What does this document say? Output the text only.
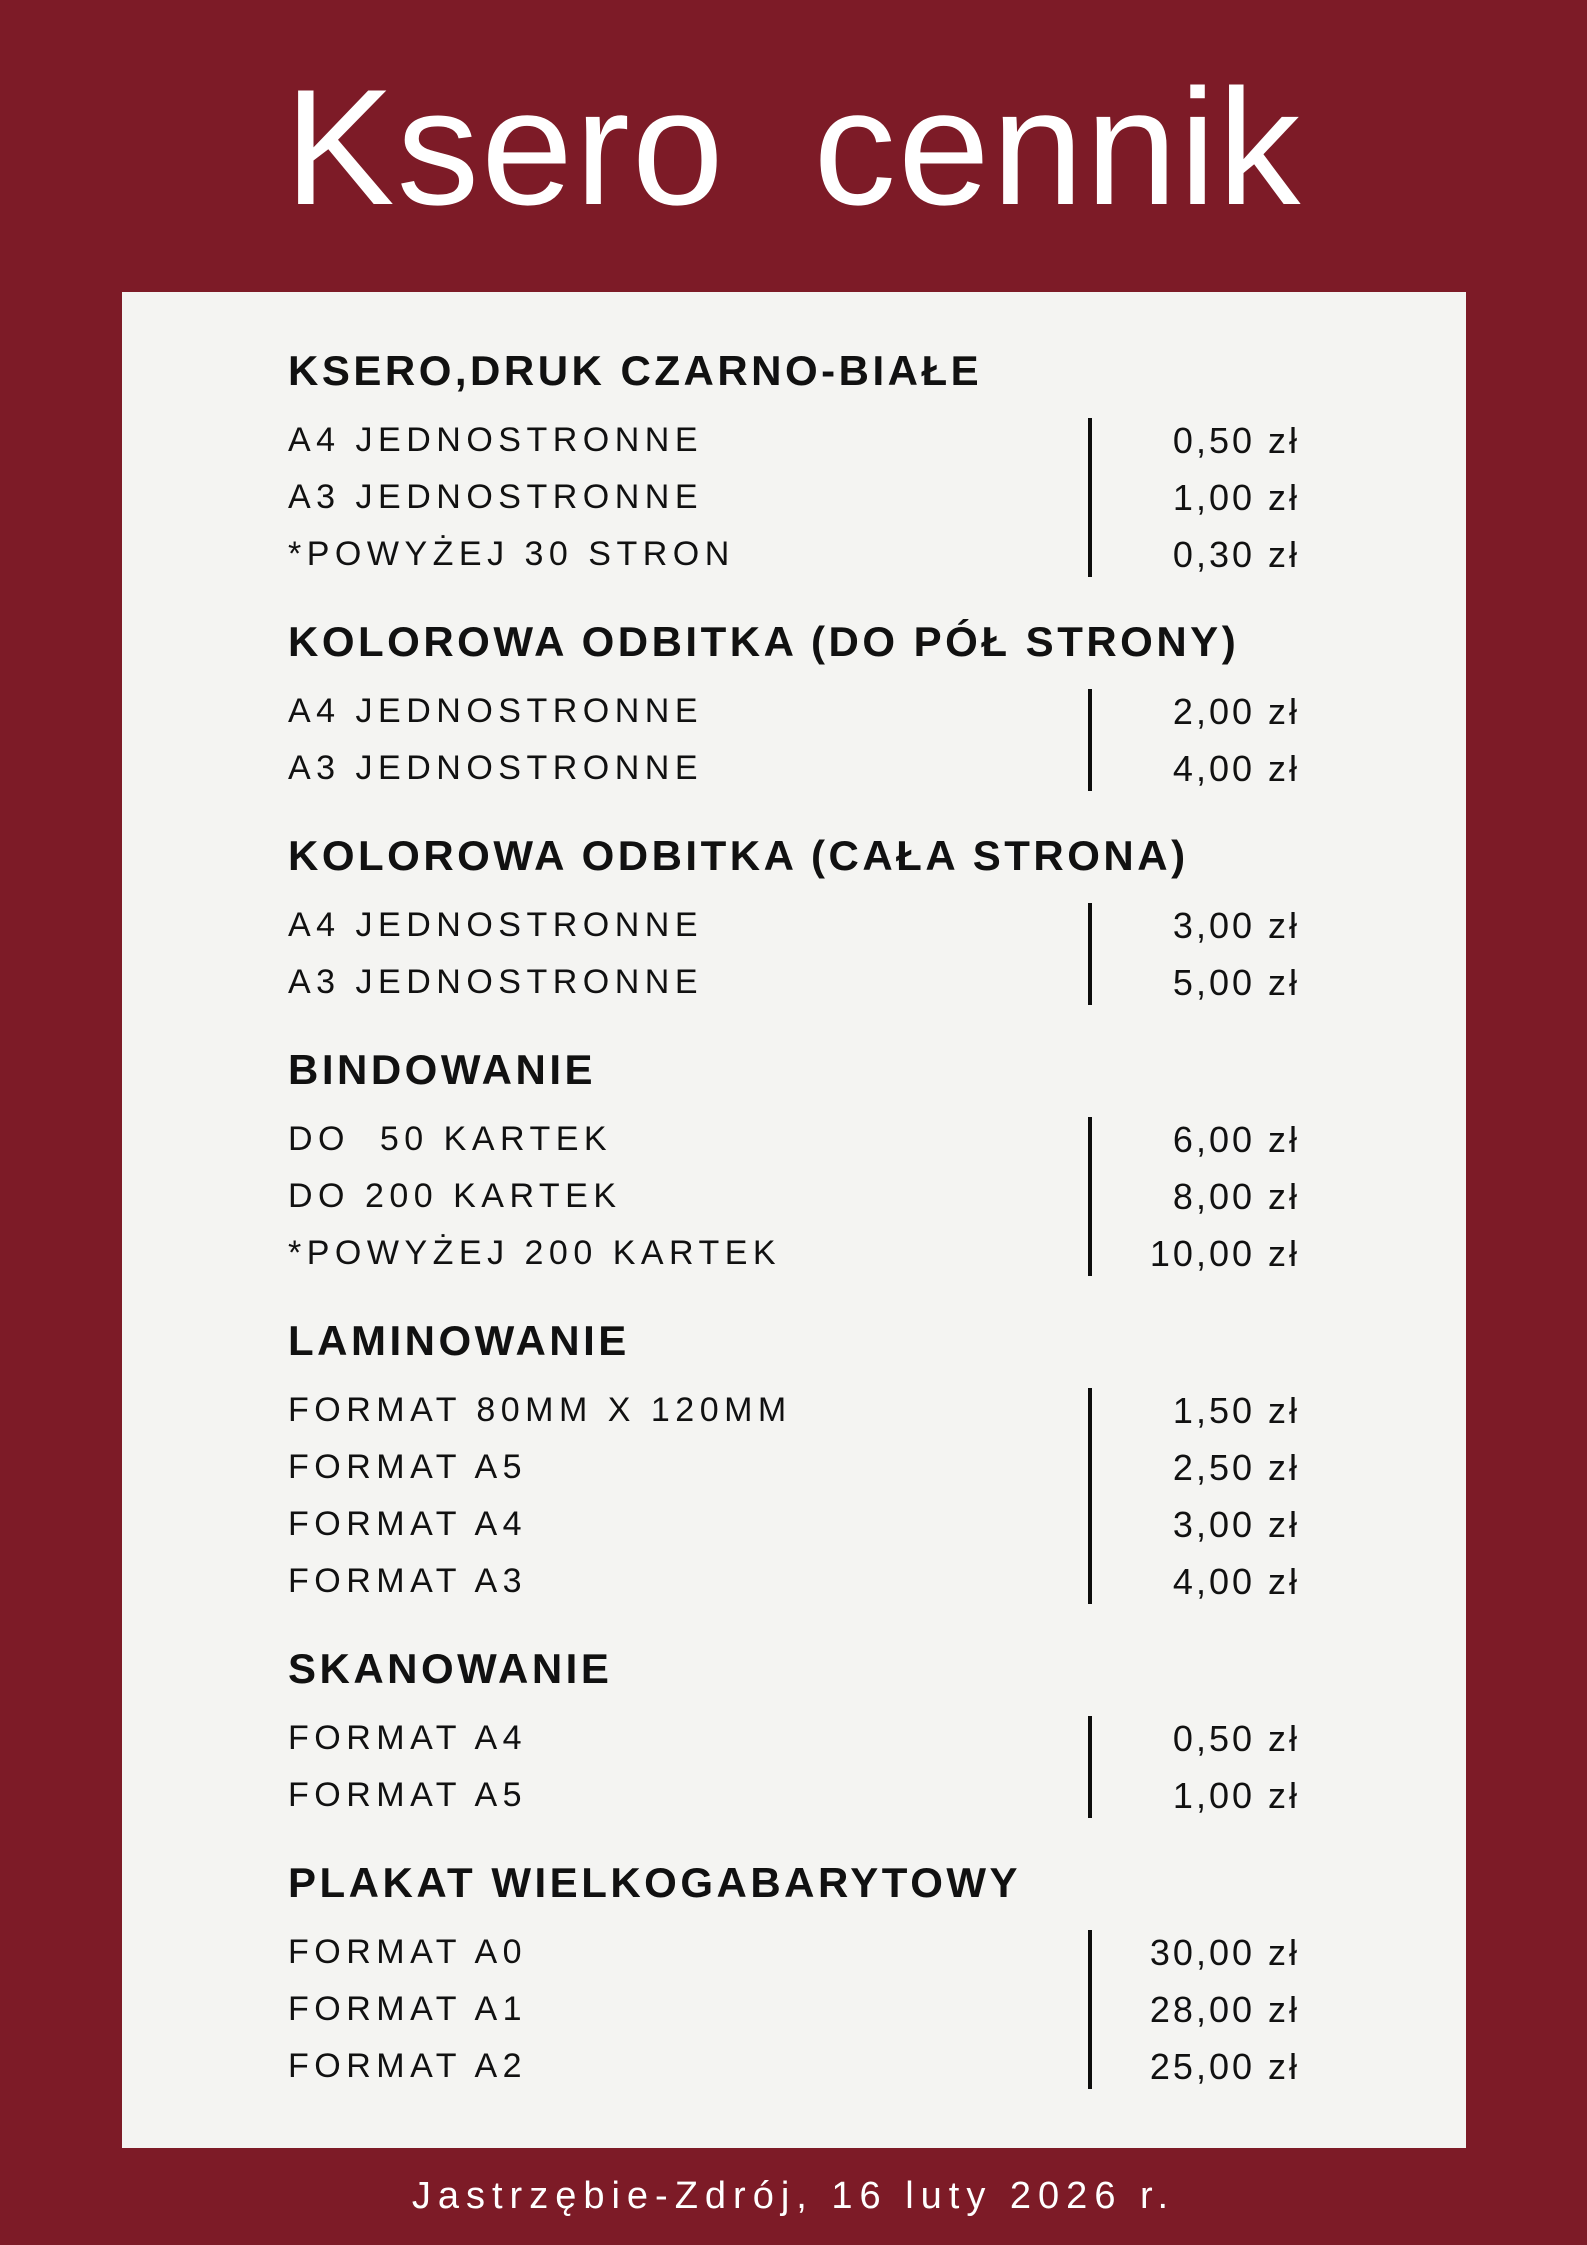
Ksero cennik
KSERO,DRUK CZARNO-BIAŁE
A4 JEDNOSTRONNE	0,50 zł
A3 JEDNOSTRONNE	1,00 zł
*POWYŻEJ 30 STRON	0,30 zł
KOLOROWA ODBITKA (DO PÓŁ STRONY)
A4 JEDNOSTRONNE	2,00 zł
A3 JEDNOSTRONNE	4,00 zł
KOLOROWA ODBITKA (CAŁA STRONA)
A4 JEDNOSTRONNE	3,00 zł
A3 JEDNOSTRONNE	5,00 zł
BINDOWANIE
DO  50 KARTEK	6,00 zł
DO 200 KARTEK	8,00 zł
*POWYŻEJ 200 KARTEK	10,00 zł
LAMINOWANIE
FORMAT 80MM X 120MM	1,50 zł
FORMAT A5	2,50 zł
FORMAT A4	3,00 zł
FORMAT A3	4,00 zł
SKANOWANIE
FORMAT A4	0,50 zł
FORMAT A5	1,00 zł
PLAKAT WIELKOGABARYTOWY
FORMAT A0	30,00 zł
FORMAT A1	28,00 zł
FORMAT A2	25,00 zł
Jastrzębie-Zdrój, 16 luty 2026 r.
